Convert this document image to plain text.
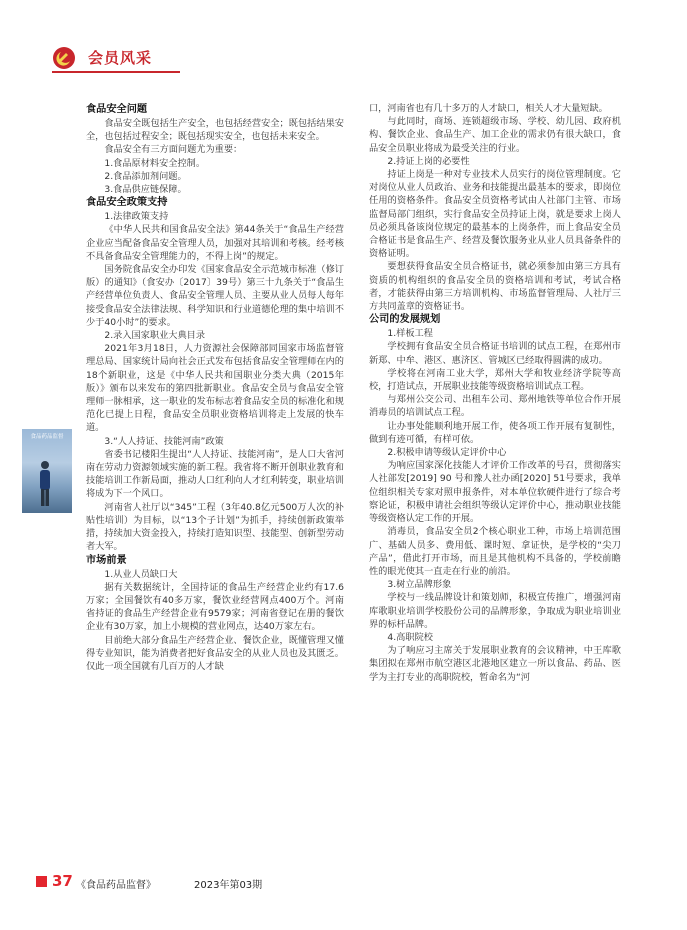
会员风采
食品安全问题

食品安全既包括生产安全，也包括经营安全；既包括结果安全，也包括过程安全；既包括现实安全，也包括未来安全。

食品安全有三方面问题尤为重要：

1.食品原材料安全控制。

2.食品添加剂问题。

3.食品供应链保障。

食品安全政策支持

1.法律政策支持

《中华人民共和国食品安全法》第44条关于“食品生产经营企业应当配备食品安全管理人员，加强对其培训和考核。经考核不具备食品安全管理能力的，不得上岗”的规定。

国务院食品安全办印发《国家食品安全示范城市标准（修订版）的通知》（食安办〔2017〕39号）第三十九条关于“食品生产经营单位负责人、食品安全管理人员、主要从业人员每人每年接受食品安全法律法规、科学知识和行业道德伦理的集中培训不少于40小时”的要求。

2.录入国家职业大典目录

2021年3月18日，人力资源社会保障部同国家市场监督管理总局、国家统计局向社会正式发布包括食品安全管理师在内的18个新职业，这是《中华人民共和国职业分类大典（2015年版）》颁布以来发布的第四批新职业。食品安全员与食品安全管理师一脉相承，这一职业的发布标志着食品安全员的标准化和规范化已提上日程，食品安全员职业资格培训将走上发展的快车道。

3.“人人持证、技能河南”政策

省委书记楼阳生提出“人人持证、技能河南”，是人口大省河南在劳动力资源领域实施的新工程。我省将不断开创职业教育和技能培训工作新局面，推动人口红利向人才红利转变，职业培训将成为下一个风口。

河南省人社厅以“345”工程（3年40.8亿元500万人次的补贴性培训）为目标，以“13个子计划”为抓手，持续创新政策举措，持续加大资金投入，持续打造知识型、技能型、创新型劳动者大军。

市场前景

1.从业人员缺口大

据有关数据统计，全国持证的食品生产经营企业约有17.6万家；全国餐饮有40多万家，餐饮业经营网点400万个。河南省持证的食品生产经营企业有9579家；河南省登记在册的餐饮企业有30万家，加上小规模的营业网点，达40万家左右。

目前绝大部分食品生产经营企业、餐饮企业，既懂管理又懂得专业知识，能为消费者把好食品安全的从业人员也及其匮乏。仅此一项全国就有几百万的人才缺

口，河南省也有几十多万的人才缺口，相关人才大量短缺。

与此同时，商场、连锁超级市场、学校、幼儿园、政府机构、餐饮企业、食品生产、加工企业的需求仍有很大缺口，食品安全员职业将成为最受关注的行业。

2.持证上岗的必要性

持证上岗是一种对专业技术人员实行的岗位管理制度。它对岗位从业人员政治、业务和技能提出最基本的要求，即岗位任用的资格条件。食品安全员资格考试由人社部门主管、市场监督局部门组织，实行食品安全员持证上岗，就是要求上岗人员必须具备该岗位规定的最基本的上岗条件，而上食品安全员合格证书是食品生产、经营及餐饮服务业从业人员具备条件的资格证明。

要想获得食品安全员合格证书，就必须参加由第三方具有资质的机构组织的食品安全员的资格培训和考试，考试合格者，才能获得由第三方培训机构、市场监督管理局、人社厅三方共同盖章的资格证书。

公司的发展规划

1.样板工程

学校拥有食品安全员合格证书培训的试点工程，在郑州市新郑、中牟、港区、惠济区、管城区已经取得圆满的成功。

学校将在河南工业大学，郑州大学和牧业经济学院等高校，打造试点，开展职业技能等级资格培训试点工程。

与郑州公交公司、出租车公司、郑州地铁等单位合作开展消毒员的培训试点工程。

让办事处能顺利地开展工作，使各项工作开展有复制性，做到有迹可循，有样可依。

2.积极申请等级认定评价中心

为响应国家深化技能人才评价工作改革的号召，贯彻落实人社部发[2019] 90 号和豫人社办函[2020] 51号要求，我单位组织相关专家对照申报条件，对本单位软硬件进行了综合考察论证，积极申请社会组织等级认定评价中心，推动职业技能等级资格认定工作的开展。

消毒员，食品安全员2个核心职业工种，市场上培训范围广、基础人员多、费用低、课时短、拿证快，是学校的“尖刀产品”，借此打开市场，而且是其他机构不具备的，学校前瞻性的眼光使其一直走在行业的前沿。

3.树立品牌形象

学校与一线品牌设计和策划师，积极宣传推广，增强河南库歌职业培训学校股份公司的品牌形象，争取成为职业培训业界的标杆品牌。

4.高职院校

为了响应习主席关于发展职业教育的会议精神，中王库歌集团拟在郑州市航空港区北港地区建立一所以食品、药品、医学为主打专业的高职院校，暂命名为“河

食品药品监督
37 《食品药品监督》	2023年第03期
